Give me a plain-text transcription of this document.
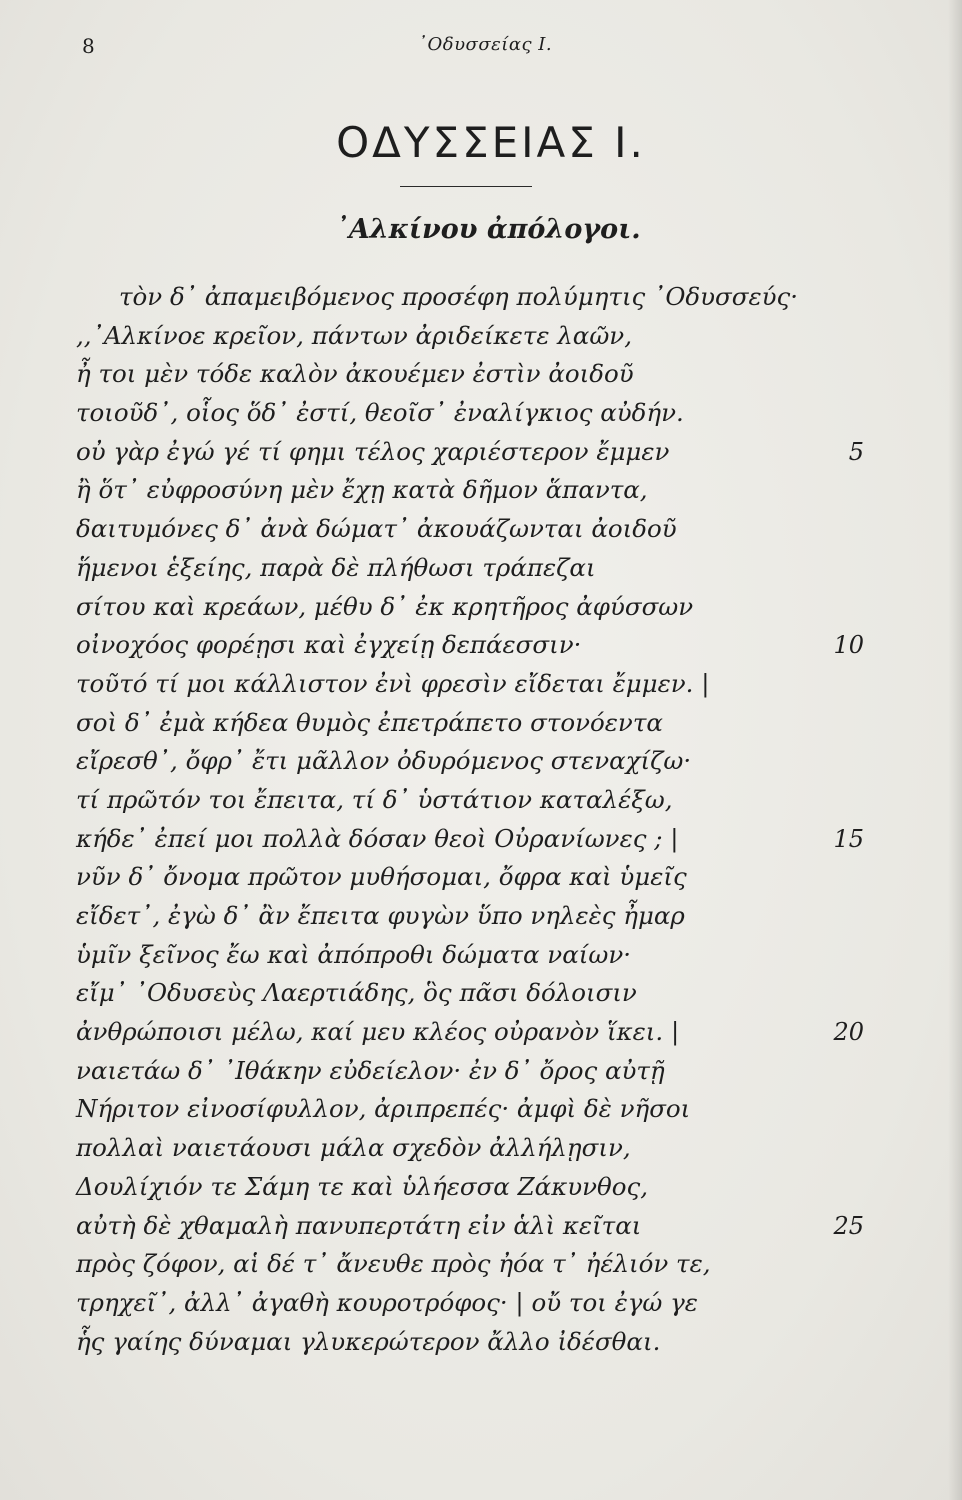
8	᾽Οδυσσείας Ι.
ΟΔΥΣΣΕΙΑΣ Ι.
᾽Αλκίνου ἀπόλογοι.
τὸν δ᾽ ἀπαμειβόμενος προσέφη πολύμητις ᾽Οδυσσεύς·
,,᾽Αλκίνοε κρεῖον, πάντων ἀριδείκετε λαῶν,
ἦ τοι μὲν τόδε καλὸν ἀκουέμεν ἐστὶν ἀοιδοῦ
τοιοῦδ᾽, οἷος ὅδ᾽ ἐστί, θεοῖσ᾽ ἐναλίγκιος αὐδήν.
οὐ γὰρ ἐγώ γέ τί φημι τέλος χαριέστερον ἔμμεν	5
ἢ ὅτ᾽ εὐφροσύνη μὲν ἔχῃ κατὰ δῆμον ἅπαντα,
δαιτυμόνες δ᾽ ἀνὰ δώματ᾽ ἀκουάζωνται ἀοιδοῦ
ἥμενοι ἑξείης, παρὰ δὲ πλήθωσι τράπεζαι
σίτου καὶ κρεάων, μέθυ δ᾽ ἐκ κρητῆρος ἀφύσσων
οἰνοχόος φορέῃσι καὶ ἐγχείῃ δεπάεσσιν·	10
τοῦτό τί μοι κάλλιστον ἐνὶ φρεσὶν εἴδεται ἔμμεν. |
σοὶ δ᾽ ἐμὰ κήδεα θυμὸς ἐπετράπετο στονόεντα
εἴρεσθ᾽, ὄφρ᾽ ἔτι μᾶλλον ὀδυρόμενος στεναχίζω·
τί πρῶτόν τοι ἔπειτα, τί δ᾽ ὑστάτιον καταλέξω,
κήδε᾽ ἐπεί μοι πολλὰ δόσαν θεοὶ Οὐρανίωνες ; |	15
νῦν δ᾽ ὄνομα πρῶτον μυθήσομαι, ὄφρα καὶ ὑμεῖς
εἴδετ᾽, ἐγὼ δ᾽ ἂν ἔπειτα φυγὼν ὕπο νηλεὲς ἦμαρ
ὑμῖν ξεῖνος ἔω καὶ ἀπόπροθι δώματα ναίων·
εἴμ᾽ ᾽Οδυσεὺς Λαερτιάδης, ὃς πᾶσι δόλοισιν
ἀνθρώποισι μέλω, καί μευ κλέος οὐρανὸν ἵκει. |	20
ναιετάω δ᾽ ᾽Ιθάκην εὐδείελον· ἐν δ᾽ ὄρος αὐτῇ
Νήριτον εἰνοσίφυλλον, ἀριπρεπές· ἀμφὶ δὲ νῆσοι
πολλαὶ ναιετάουσι μάλα σχεδὸν ἀλλήλῃσιν,
Δουλίχιόν τε Σάμη τε καὶ ὑλήεσσα Ζάκυνθος,
αὐτὴ δὲ χθαμαλὴ πανυπερτάτη εἰν ἁλὶ κεῖται	25
πρὸς ζόφον, αἱ δέ τ᾽ ἄνευθε πρὸς ἠόα τ᾽ ἠέλιόν τε,
τρηχεῖ᾽, ἀλλ᾽ ἀγαθὴ κουροτρόφος· | οὔ τοι ἐγώ γε
ἧς γαίης δύναμαι γλυκερώτερον ἄλλο ἰδέσθαι.
